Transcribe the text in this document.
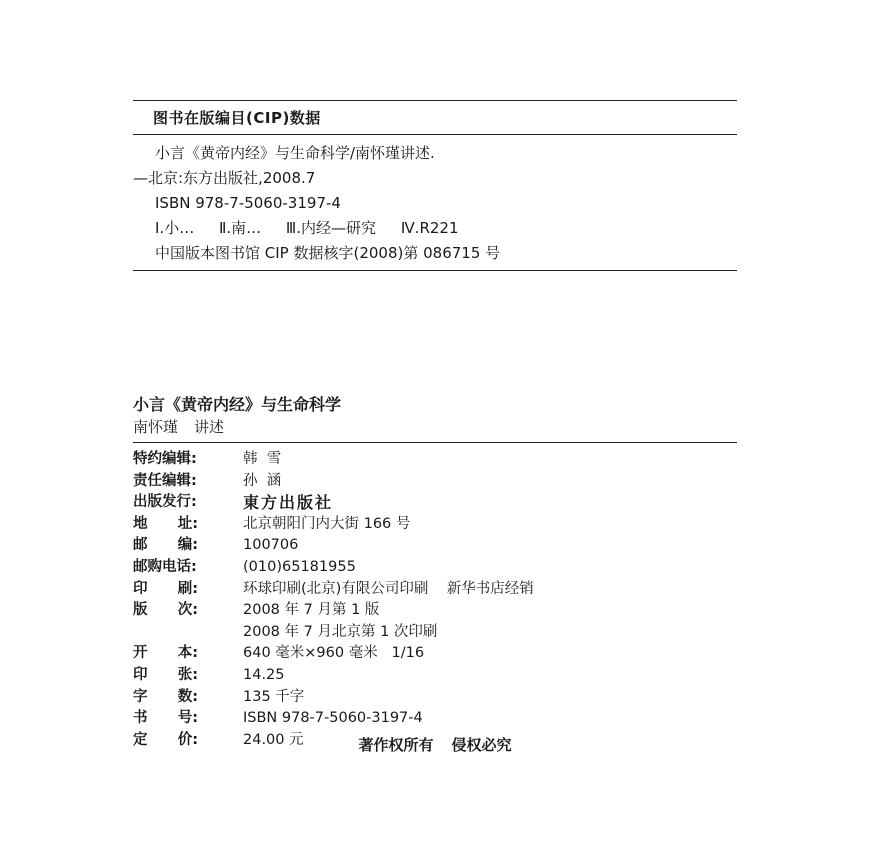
图书在版编目(CIP)数据
小言《黄帝内经》与生命科学/南怀瑾讲述.
—北京:东方出版社,2008.7
ISBN 978-7-5060-3197-4
Ⅰ.小… Ⅱ.南… Ⅲ.内经—研究 Ⅳ.R221
中国版本图书馆 CIP 数据核字(2008)第 086715 号
小言《黄帝内经》与生命科学
南怀瑾 讲述
特约编辑:	韩  雪
责任编辑:	孙  涵
出版发行:	東方出版社
地      址:	北京朝阳门内大街 166 号
邮      编:	100706
邮购电话:	(010)65181955
印      刷:	环球印刷(北京)有限公司印刷    新华书店经销
版      次:	2008 年 7 月第 1 版
2008 年 7 月北京第 1 次印刷
开      本:	640 毫米×960 毫米   1/16
印      张:	14.25
字      数:	135 千字
书      号:	ISBN 978-7-5060-3197-4
定      价:	24.00 元	著作权所有 侵权必究
